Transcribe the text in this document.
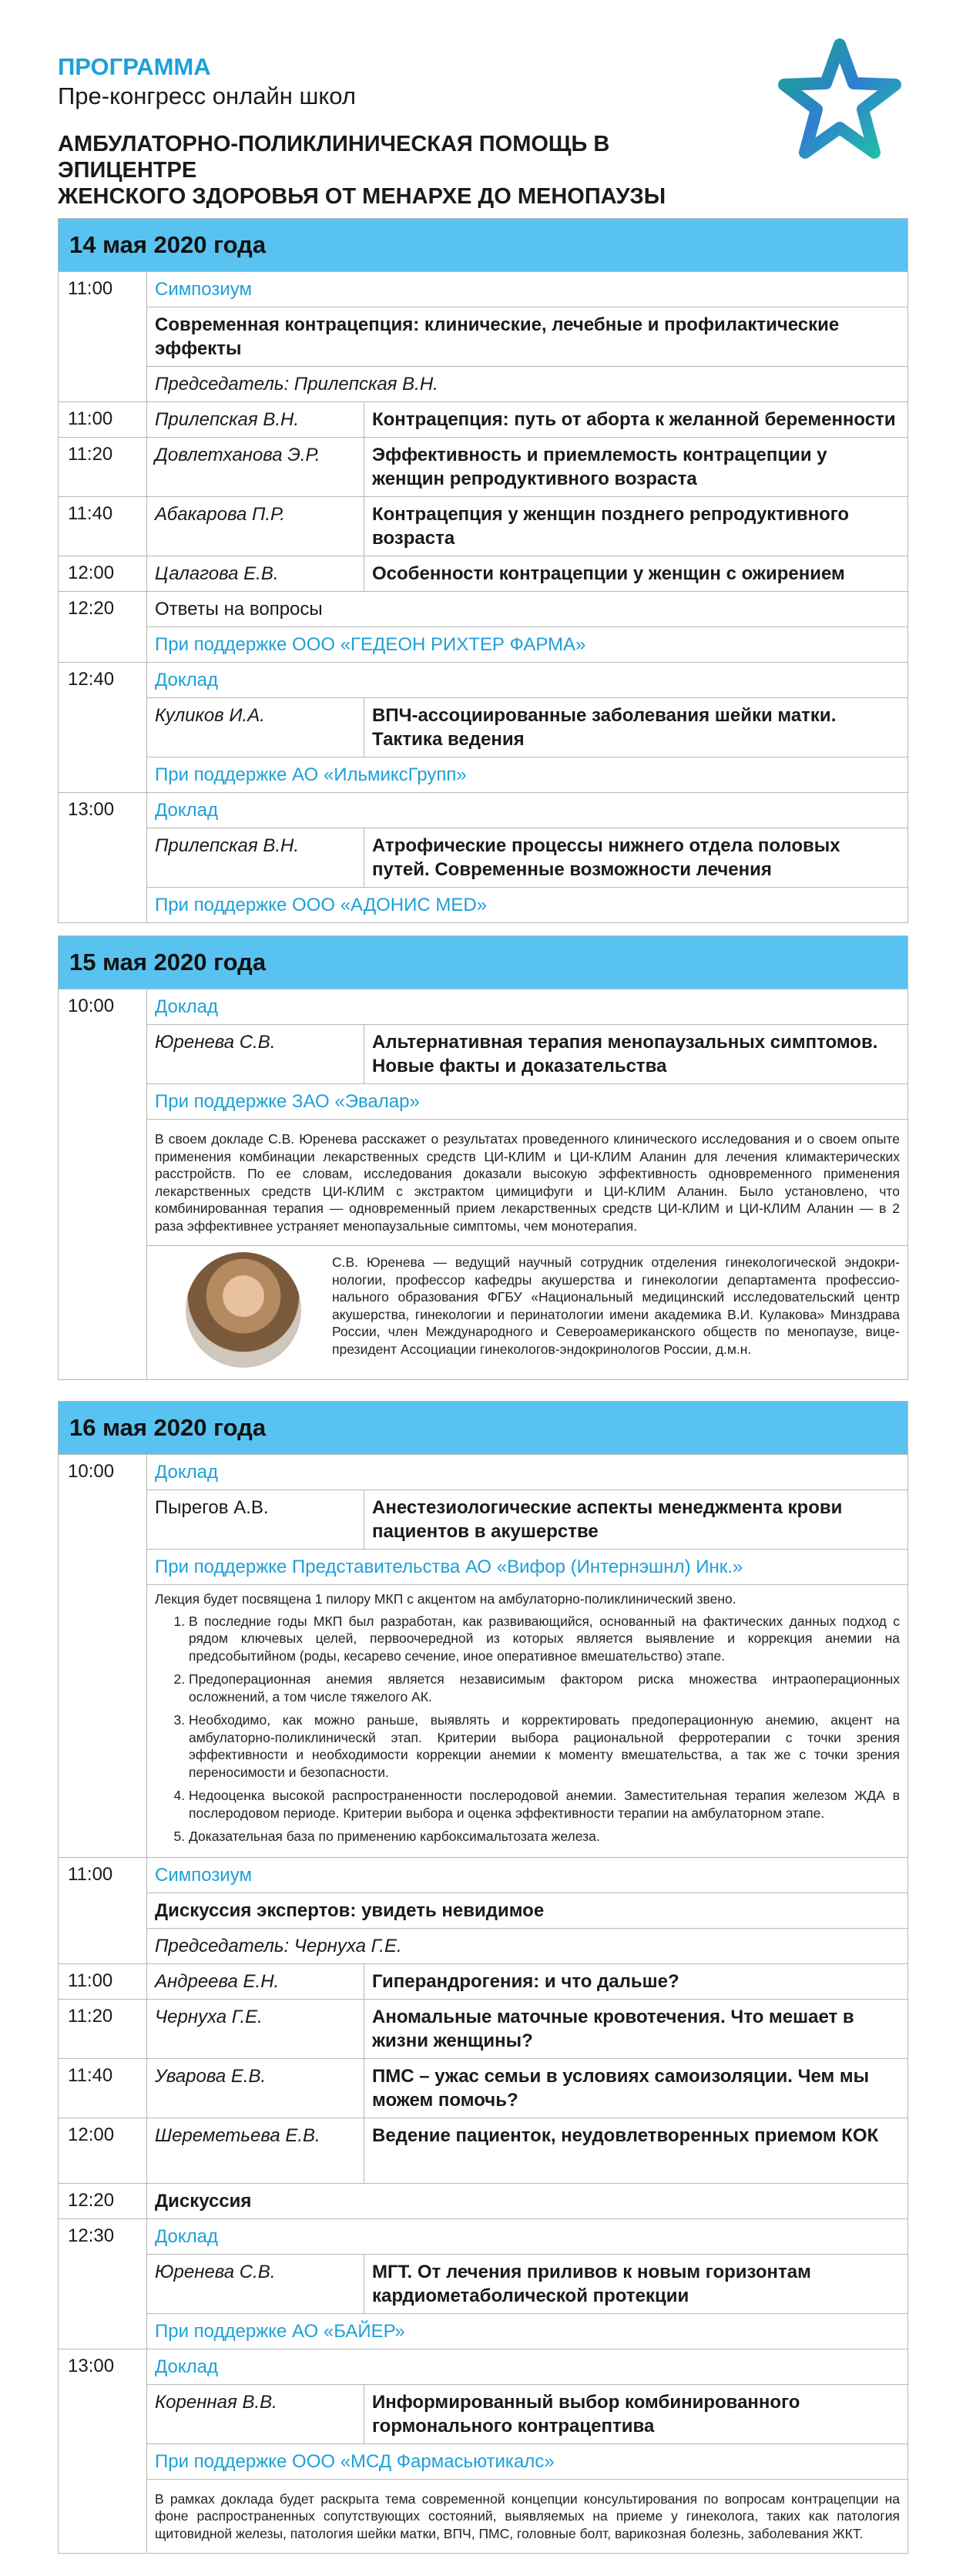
ПРОГРАММА

Пре-конгресс онлайн школ

АМБУЛАТОРНО-ПОЛИКЛИНИЧЕСКАЯ ПОМОЩЬ В ЭПИЦЕНТРЕ
ЖЕНСКОГО ЗДОРОВЬЯ ОТ МЕНАРХЕ ДО МЕНОПАУЗЫ
14 мая 2020 года
11:00	Симпозиум
Современная контрацепция: клинические, лечебные и профилактические эффекты
Председатель: Прилепская В.Н.
11:00	Прилепская В.Н.	Контрацепция: путь от аборта к желанной беременности
11:20	Довлетханова Э.Р.	Эффективность и приемлемость контрацепции у женщин репродуктивного возраста
11:40	Абакарова П.Р.	Контрацепция у женщин позднего репродуктивного возраста
12:00	Цалагова Е.В.	Особенности контрацепции у женщин с ожирением
12:20	Ответы на вопросы
При поддержке ООО «ГЕДЕОН РИХТЕР ФАРМА»
12:40	Доклад
Куликов И.А.	ВПЧ-ассоциированные заболевания шейки матки. Тактика ведения
При поддержке АО «ИльмиксГрупп»
13:00	Доклад
Прилепская В.Н.	Атрофические процессы нижнего отдела половых путей. Современные возможности лечения
При поддержке ООО «АДОНИС MED»
15 мая 2020 года
10:00	Доклад
Юренева С.В.	Альтернативная терапия менопаузальных симптомов. Новые факты и доказательства
При поддержке ЗАО «Эвалар»
В своем докладе С.В. Юренева расскажет о результатах проведенного клинического исследования и о своем опыте применения комбинации лекарственных средств ЦИ-КЛИМ и ЦИ-КЛИМ Аланин для лечения климактерических расстройств. По ее словам, исследования доказали высокую эффективность одновременного применения лекарственных средств ЦИ-КЛИМ с экстрактом цимицифуги и ЦИ-КЛИМ Аланин. Было установлено, что комбинированная терапия — одновременный прием лекарственных средств ЦИ-КЛИМ и ЦИ-КЛИМ Аланин — в 2 раза эффективнее устраняет менопаузальные симптомы, чем монотерапия.
С.В. Юренева — ведущий научный сотрудник отделения гинекологической эндокринологии, профессор кафедры акушерства и гинекологии департамента профессионального образования ФГБУ «Национальный медицинский исследовательский центр акушерства, гинекологии и перинатологии имени академика В.И. Кулакова» Минздрава России, член Международного и Североамериканского обществ по менопаузе, вице-президент Ассоциации гинекологов-эндокринологов России, д.м.н.
16 мая 2020 года
10:00	Доклад
Пырегов А.В.	Анестезиологические аспекты менеджмента крови пациентов в акушерстве
При поддержке Представительства АО «Вифор (Интернэшнл) Инк.»
Лекция будет посвящена 1 пилору МКП с акцентом на амбулаторно-поликлинический звено.
1. В последние годы МКП был разработан, как развивающийся, основанный на фактических данных подход с рядом ключевых целей, первоочередной из которых является выявление и коррекция анемии на предсобытийном (роды, кесарево сечение, иное оперативное вмешательство) этапе.
2. Предоперационная анемия является независимым фактором риска множества интраоперационных осложнений, а том числе тяжелого АК.
3. Необходимо, как можно раньше, выявлять и корректировать предоперационную анемию, акцент на амбулаторно-поликлиническй этап. Критерии выбора рациональной ферротерапии с точки зрения эффективности и необходимости коррекции анемии к моменту вмешательства, а так же с точки зрения переносимости и безопасности.
4. Недооценка высокой распространенности послеродовой анемии. Заместительная терапия железом ЖДА в послеродовом периоде. Критерии выбора и оценка эффективности терапии на амбулаторном этапе.
5. Доказательная база по применению карбоксимальтозата железа.
11:00	Симпозиум
Дискуссия экспертов: увидеть невидимое
Председатель: Чернуха Г.Е.
11:00	Андреева Е.Н.	Гиперандрогения: и что дальше?
11:20	Чернуха Г.Е.	Аномальные маточные кровотечения. Что мешает в жизни женщины?
11:40	Уварова Е.В.	ПМС – ужас семьи в условиях самоизоляции. Чем мы можем помочь?
12:00	Шереметьева Е.В.	Ведение пациенток, неудовлетворенных приемом КОК
12:20	Дискуссия
12:30	Доклад
Юренева С.В.	МГТ. От лечения приливов к новым горизонтам кардиометаболической протекции
При поддержке АО «БАЙЕР»
13:00	Доклад
Коренная В.В.	Информированный выбор комбинированного гормонального контрацептива
При поддержке ООО «МСД Фармасьютикалс»
В рамках доклада будет раскрыта тема современной концепции консультирования по вопросам контрацепции на фоне распространенных сопутствующих состояний, выявляемых на приеме у гинеколога, таких как патология щитовидной железы, патология шейки матки, ВПЧ, ПМС, головные болт, варикозная болезнь, заболевания ЖКТ.
